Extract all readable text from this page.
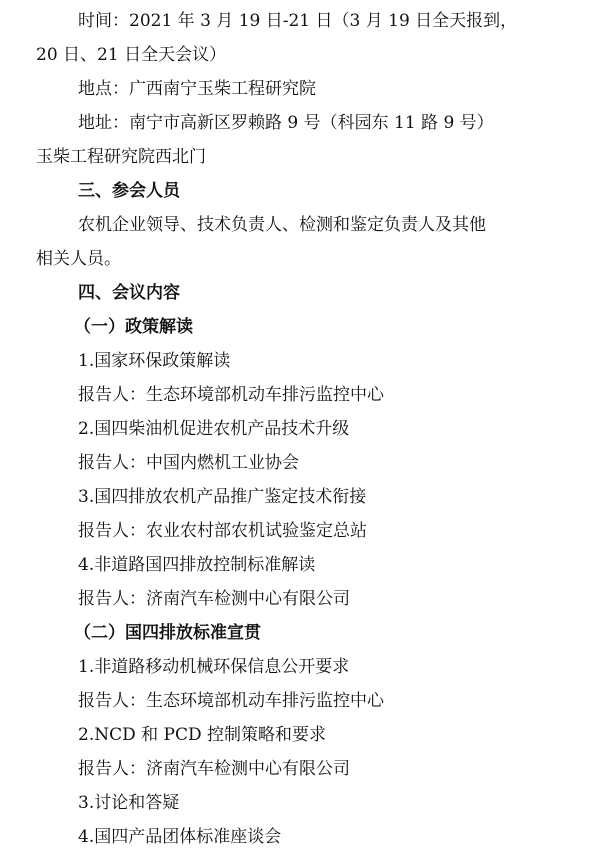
时间：2021 年 3 月 19 日-21 日（3 月 19 日全天报到，

20 日、21 日全天会议）

地点：广西南宁玉柴工程研究院

地址：南宁市高新区罗赖路 9 号（科园东 11 路 9 号）

玉柴工程研究院西北门

三、参会人员

农机企业领导、技术负责人、检测和鉴定负责人及其他

相关人员。

四、会议内容

（一）政策解读

1.国家环保政策解读

报告人：生态环境部机动车排污监控中心

2.国四柴油机促进农机产品技术升级

报告人：中国内燃机工业协会

3.国四排放农机产品推广鉴定技术衔接

报告人：农业农村部农机试验鉴定总站

4.非道路国四排放控制标准解读

报告人：济南汽车检测中心有限公司

（二）国四排放标准宣贯

1.非道路移动机械环保信息公开要求

报告人：生态环境部机动车排污监控中心

2.NCD 和 PCD 控制策略和要求

报告人：济南汽车检测中心有限公司

3.讨论和答疑

4.国四产品团体标准座谈会
